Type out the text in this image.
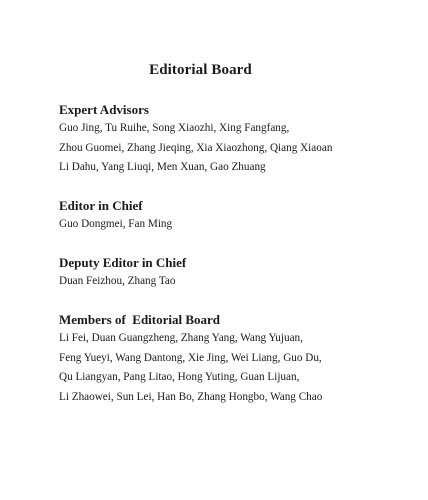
Editorial Board
Expert Advisors
Guo Jing, Tu Ruihe, Song Xiaozhi, Xing Fangfang,
Zhou Guomei, Zhang Jieqing, Xia Xiaozhong, Qiang Xiaoan
Li Dahu, Yang Liuqi, Men Xuan, Gao Zhuang
Editor in Chief
Guo Dongmei, Fan Ming
Deputy Editor in Chief
Duan Feizhou, Zhang Tao
Members of  Editorial Board
Li Fei, Duan Guangzheng, Zhang Yang, Wang Yujuan,
Feng Yueyi, Wang Dantong, Xie Jing, Wei Liang, Guo Du,
Qu Liangyan, Pang Litao, Hong Yuting, Guan Lijuan,
Li Zhaowei, Sun Lei, Han Bo, Zhang Hongbo, Wang Chao
